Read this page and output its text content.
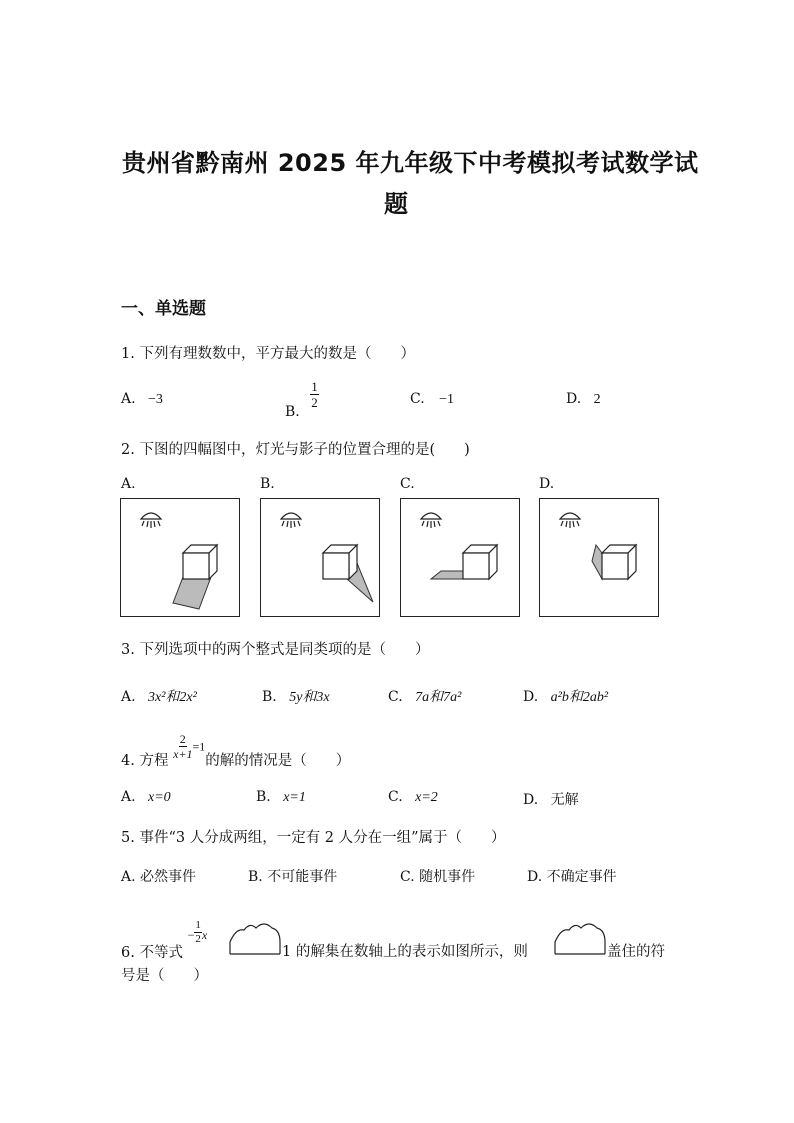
贵州省黔南州 2025 年九年级下中考模拟考试数学试
题
一、单选题
1. 下列有理数数中，平方最大的数是（　　）
A. −3
B.
$\frac{1}{2}$	C. −1	D. 2
2. 下图的四幅图中，灯光与影子的位置合理的是(　　)
A.	B.	C.	D.
3. 下列选项中的两个整式是同类项的是（　　）
A. 3x²和2x²	B. 5y和3x	C. 7a和7a²	D. a²b和2ab²
4. 方程
$\frac{2}{x+1} =1$的解的情况是（　　）
A. x=0	B. x=1	C. x=2	D. 无解
5. 事件“3 人分成两组，一定有 2 人分在一组”属于（　　）
A. 必然事件	B. 不可能事件	C. 随机事件	D. 不确定事件
6. 不等式 − $\frac{1}{2}$ x
1 的解集在数轴上的表示如图所示，则	盖住的符
号是（　　）
